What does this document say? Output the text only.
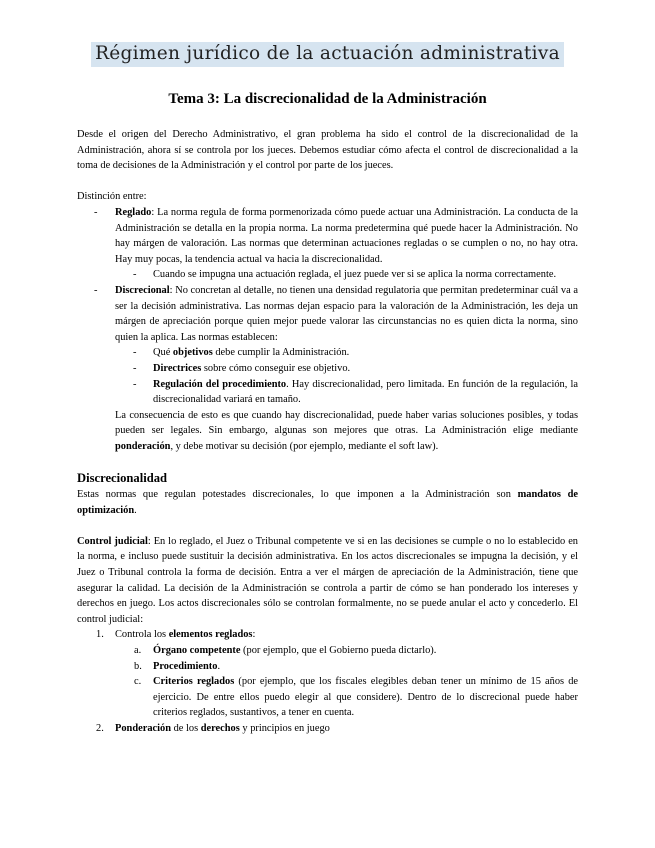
Régimen jurídico de la actuación administrativa
Tema 3: La discrecionalidad de la Administración

Desde el origen del Derecho Administrativo, el gran problema ha sido el control de la discrecionalidad de la Administración, ahora sí se controla por los jueces. Debemos estudiar cómo afecta el control de discrecionalidad a la toma de decisiones de la Administración y el control por parte de los jueces.

Distinción entre:

- Reglado: La norma regula de forma pormenorizada cómo puede actuar una Administración. La conducta de la Administración se detalla en la propia norma. La norma predetermina qué puede hacer la Administración. No hay márgen de valoración. Las normas que determinan actuaciones regladas o se cumplen o no, no hay otra. Hay muy pocas, la tendencia actual va hacia la discrecionalidad.
- Cuando se impugna una actuación reglada, el juez puede ver si se aplica la norma correctamente.
- Discrecional: No concretan al detalle, no tienen una densidad regulatoria que permitan predeterminar cuál va a ser la decisión administrativa. Las normas dejan espacio para la valoración de la Administración, les deja un márgen de apreciación porque quien mejor puede valorar las circunstancias no es quien dicta la norma, sino quien la aplica. Las normas establecen:
- Qué objetivos debe cumplir la Administración.
- Directrices sobre cómo conseguir ese objetivo.
- Regulación del procedimiento. Hay discrecionalidad, pero limitada. En función de la regulación, la discrecionalidad variará en tamaño.

La consecuencia de esto es que cuando hay discrecionalidad, puede haber varias soluciones posibles, y todas pueden ser legales. Sin embargo, algunas son mejores que otras. La Administración elige mediante ponderación, y debe motivar su decisión (por ejemplo, mediante el soft law).

Discrecionalidad

Estas normas que regulan potestades discrecionales, lo que imponen a la Administración son mandatos de optimización.

Control judicial: En lo reglado, el Juez o Tribunal competente ve si en las decisiones se cumple o no lo establecido en la norma, e incluso puede sustituir la decisión administrativa. En los actos discrecionales se impugna la decisión, y el Juez o Tribunal controla la forma de decisión. Entra a ver el márgen de apreciación de la Administración, tiene que asegurar la calidad. La decisión de la Administración se controla a partir de cómo se han ponderado los intereses y derechos en juego. Los actos discrecionales sólo se controlan formalmente, no se puede anular el acto y concederlo. El control judicial:

1. Controla los elementos reglados:
a. Órgano competente (por ejemplo, que el Gobierno pueda dictarlo).
b. Procedimiento.
c. Criterios reglados (por ejemplo, que los fiscales elegibles deban tener un mínimo de 15 años de ejercicio. De entre ellos puedo elegir al que considere). Dentro de lo discrecional puede haber criterios reglados, sustantivos, a tener en cuenta.
2. Ponderación de los derechos y principios en juego
